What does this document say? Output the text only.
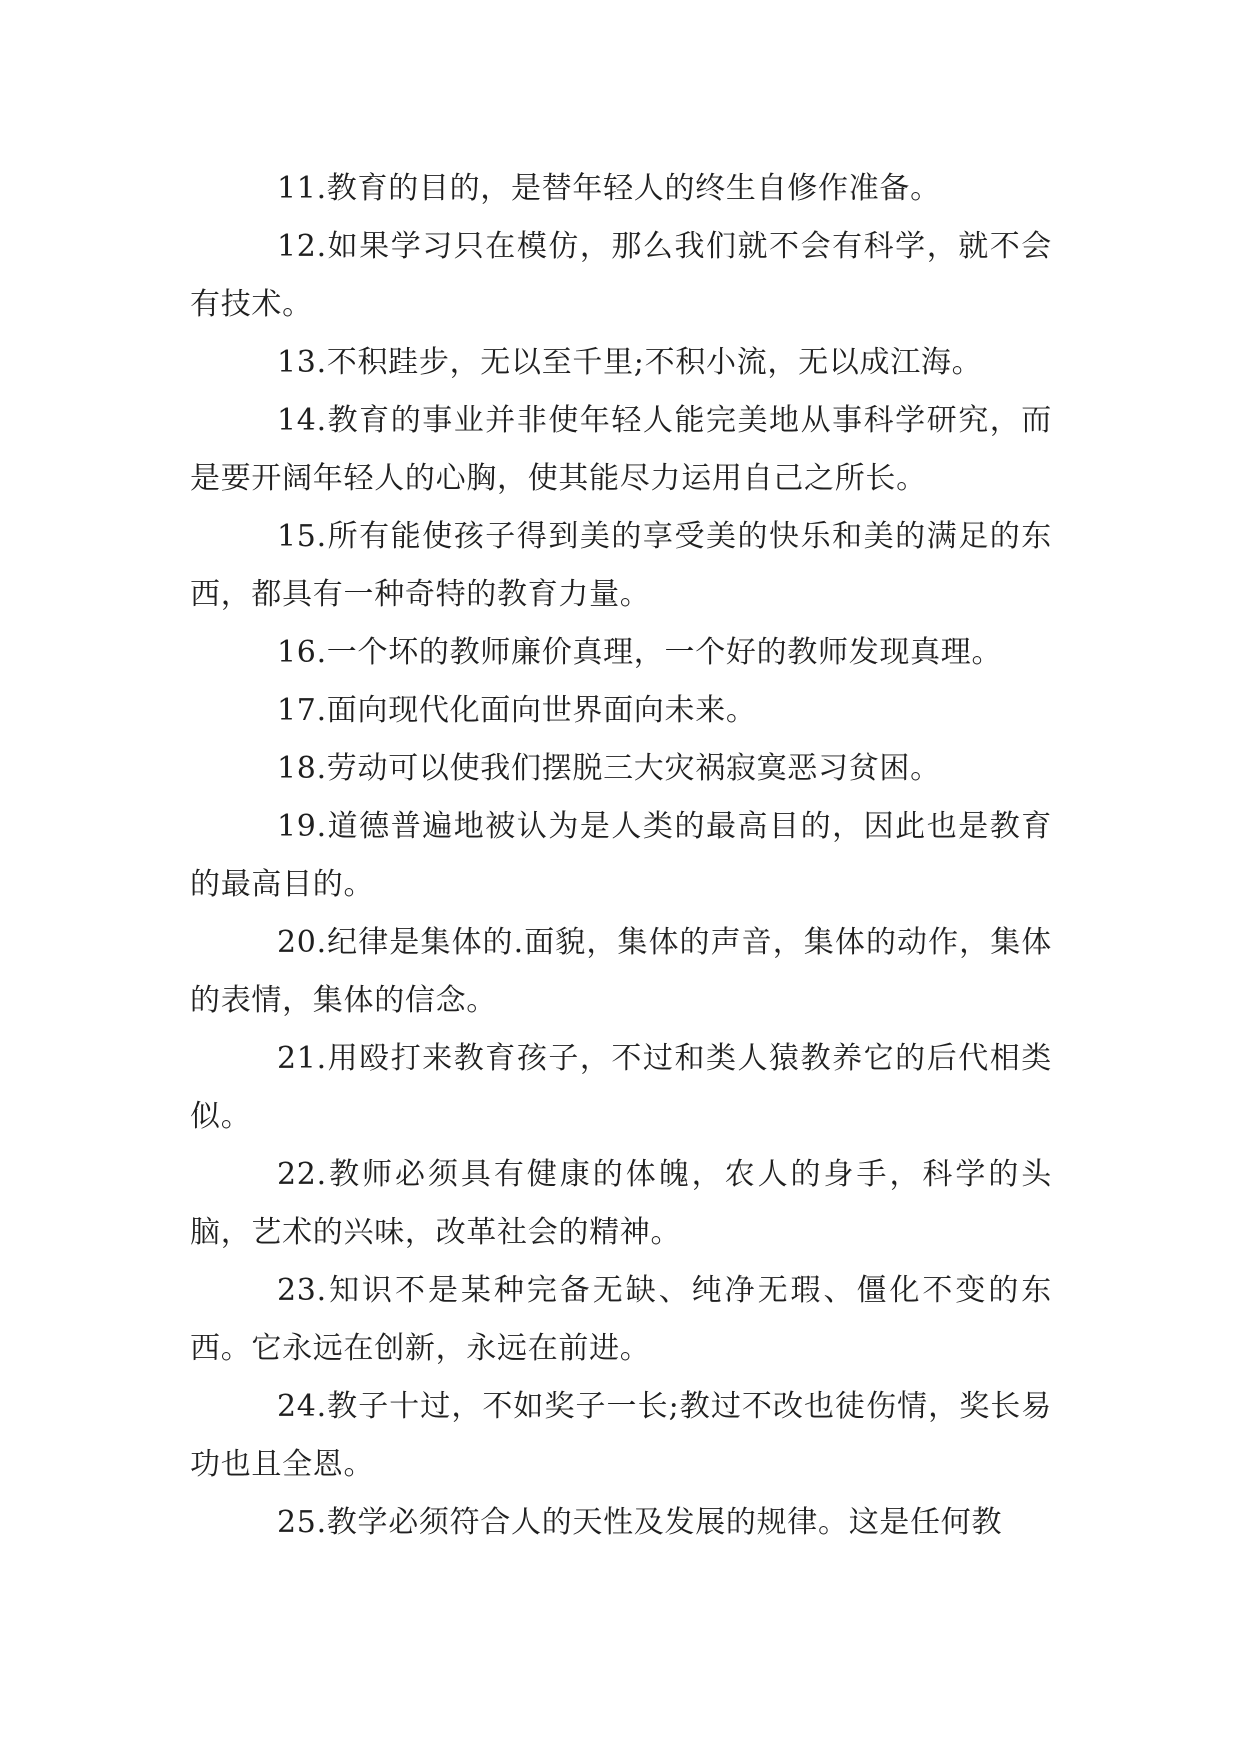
11.教育的目的，是替年轻人的终生自修作准备。

12.如果学习只在模仿，那么我们就不会有科学，就不会有技术。

13.不积跬步，无以至千里;不积小流，无以成江海。

14.教育的事业并非使年轻人能完美地从事科学研究，而是要开阔年轻人的心胸，使其能尽力运用自己之所长。

15.所有能使孩子得到美的享受美的快乐和美的满足的东西，都具有一种奇特的教育力量。

16.一个坏的教师廉价真理，一个好的教师发现真理。

17.面向现代化面向世界面向未来。

18.劳动可以使我们摆脱三大灾祸寂寞恶习贫困。

19.道德普遍地被认为是人类的最高目的，因此也是教育的最高目的。

20.纪律是集体的.面貌，集体的声音，集体的动作，集体的表情，集体的信念。

21.用殴打来教育孩子，不过和类人猿教养它的后代相类似。

22.教师必须具有健康的体魄，农人的身手，科学的头脑，艺术的兴味，改革社会的精神。

23.知识不是某种完备无缺、纯净无瑕、僵化不变的东西。它永远在创新，永远在前进。

24.教子十过，不如奖子一长;教过不改也徒伤情，奖长易功也且全恩。

25.教学必须符合人的天性及发展的规律。这是任何教
